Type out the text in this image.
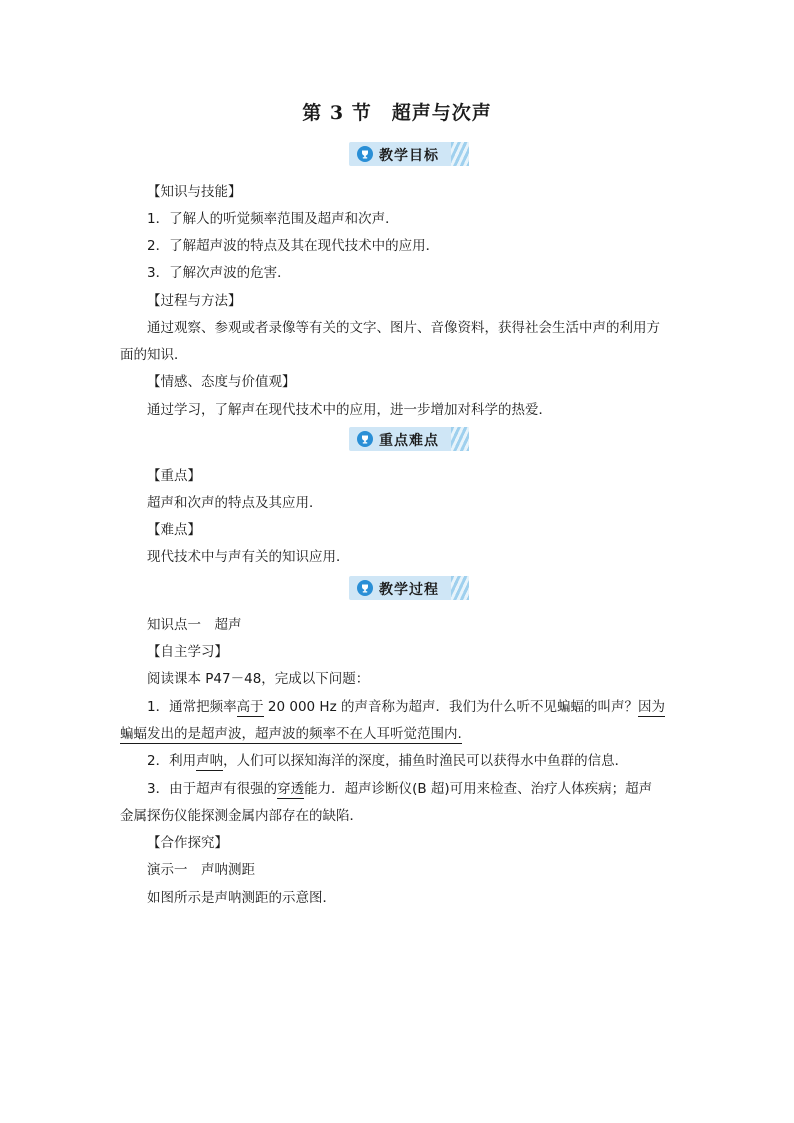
第 3 节　超声与次声
教学目标
【知识与技能】
1．了解人的听觉频率范围及超声和次声．
2．了解超声波的特点及其在现代技术中的应用．
3．了解次声波的危害．
【过程与方法】
通过观察、参观或者录像等有关的文字、图片、音像资料，获得社会生活中声的利用方
面的知识．
【情感、态度与价值观】
通过学习，了解声在现代技术中的应用，进一步增加对科学的热爱．
重点难点
【重点】
超声和次声的特点及其应用．
【难点】
现代技术中与声有关的知识应用．
教学过程
知识点一　超声
【自主学习】
阅读课本 P47－48，完成以下问题：
1．通常把频率高于 20 000 Hz 的声音称为超声．我们为什么听不见蝙蝠的叫声？因为
蝙蝠发出的是超声波，超声波的频率不在人耳听觉范围内.
2．利用声呐，人们可以探知海洋的深度，捕鱼时渔民可以获得水中鱼群的信息．
3．由于超声有很强的穿透能力．超声诊断仪(B 超)可用来检查、治疗人体疾病；超声
金属探伤仪能探测金属内部存在的缺陷．
【合作探究】
演示一　声呐测距
如图所示是声呐测距的示意图．
